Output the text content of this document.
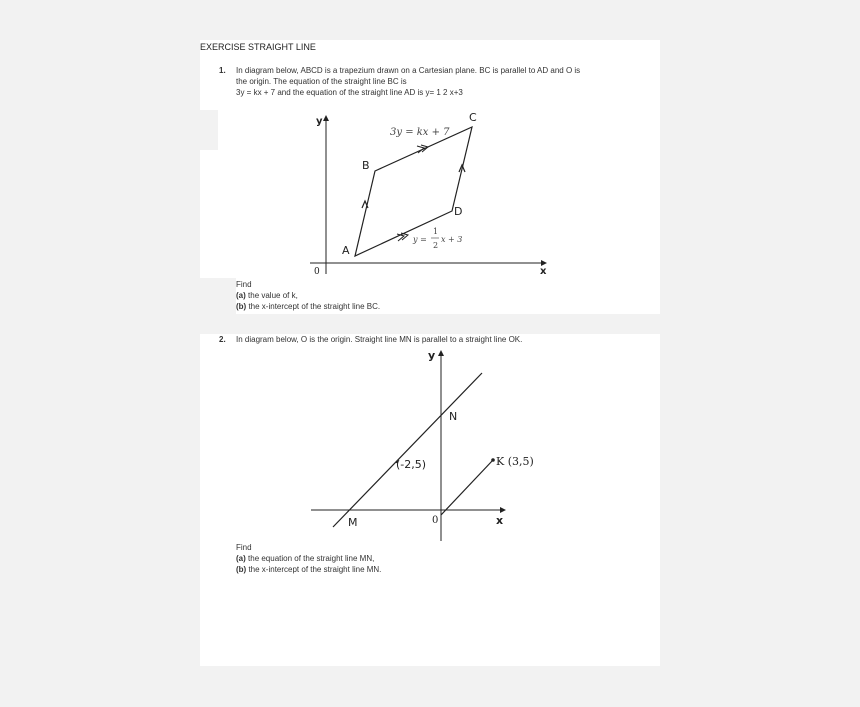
EXERCISE STRAIGHT LINE
1. In diagram below, ABCD is a trapezium drawn on a Cartesian plane. BC is parallel to AD and O is
the origin. The equation of the straight line BC is
3y = kx + 7 and the equation of the straight line AD is y= 1 2 x+3
y
x
0
A
B
C
D
3y = kx + 7
y =
1
2
x + 3
Find
(a) the value of k,
(b) the x-intercept of the straight line BC.
2. In diagram below, O is the origin. Straight line MN is parallel to a straight line OK.
y
x
0
M
N
(-2,5)	K (3,5)
Find
(a) the equation of the straight line MN,
(b) the x-intercept of the straight line MN.
